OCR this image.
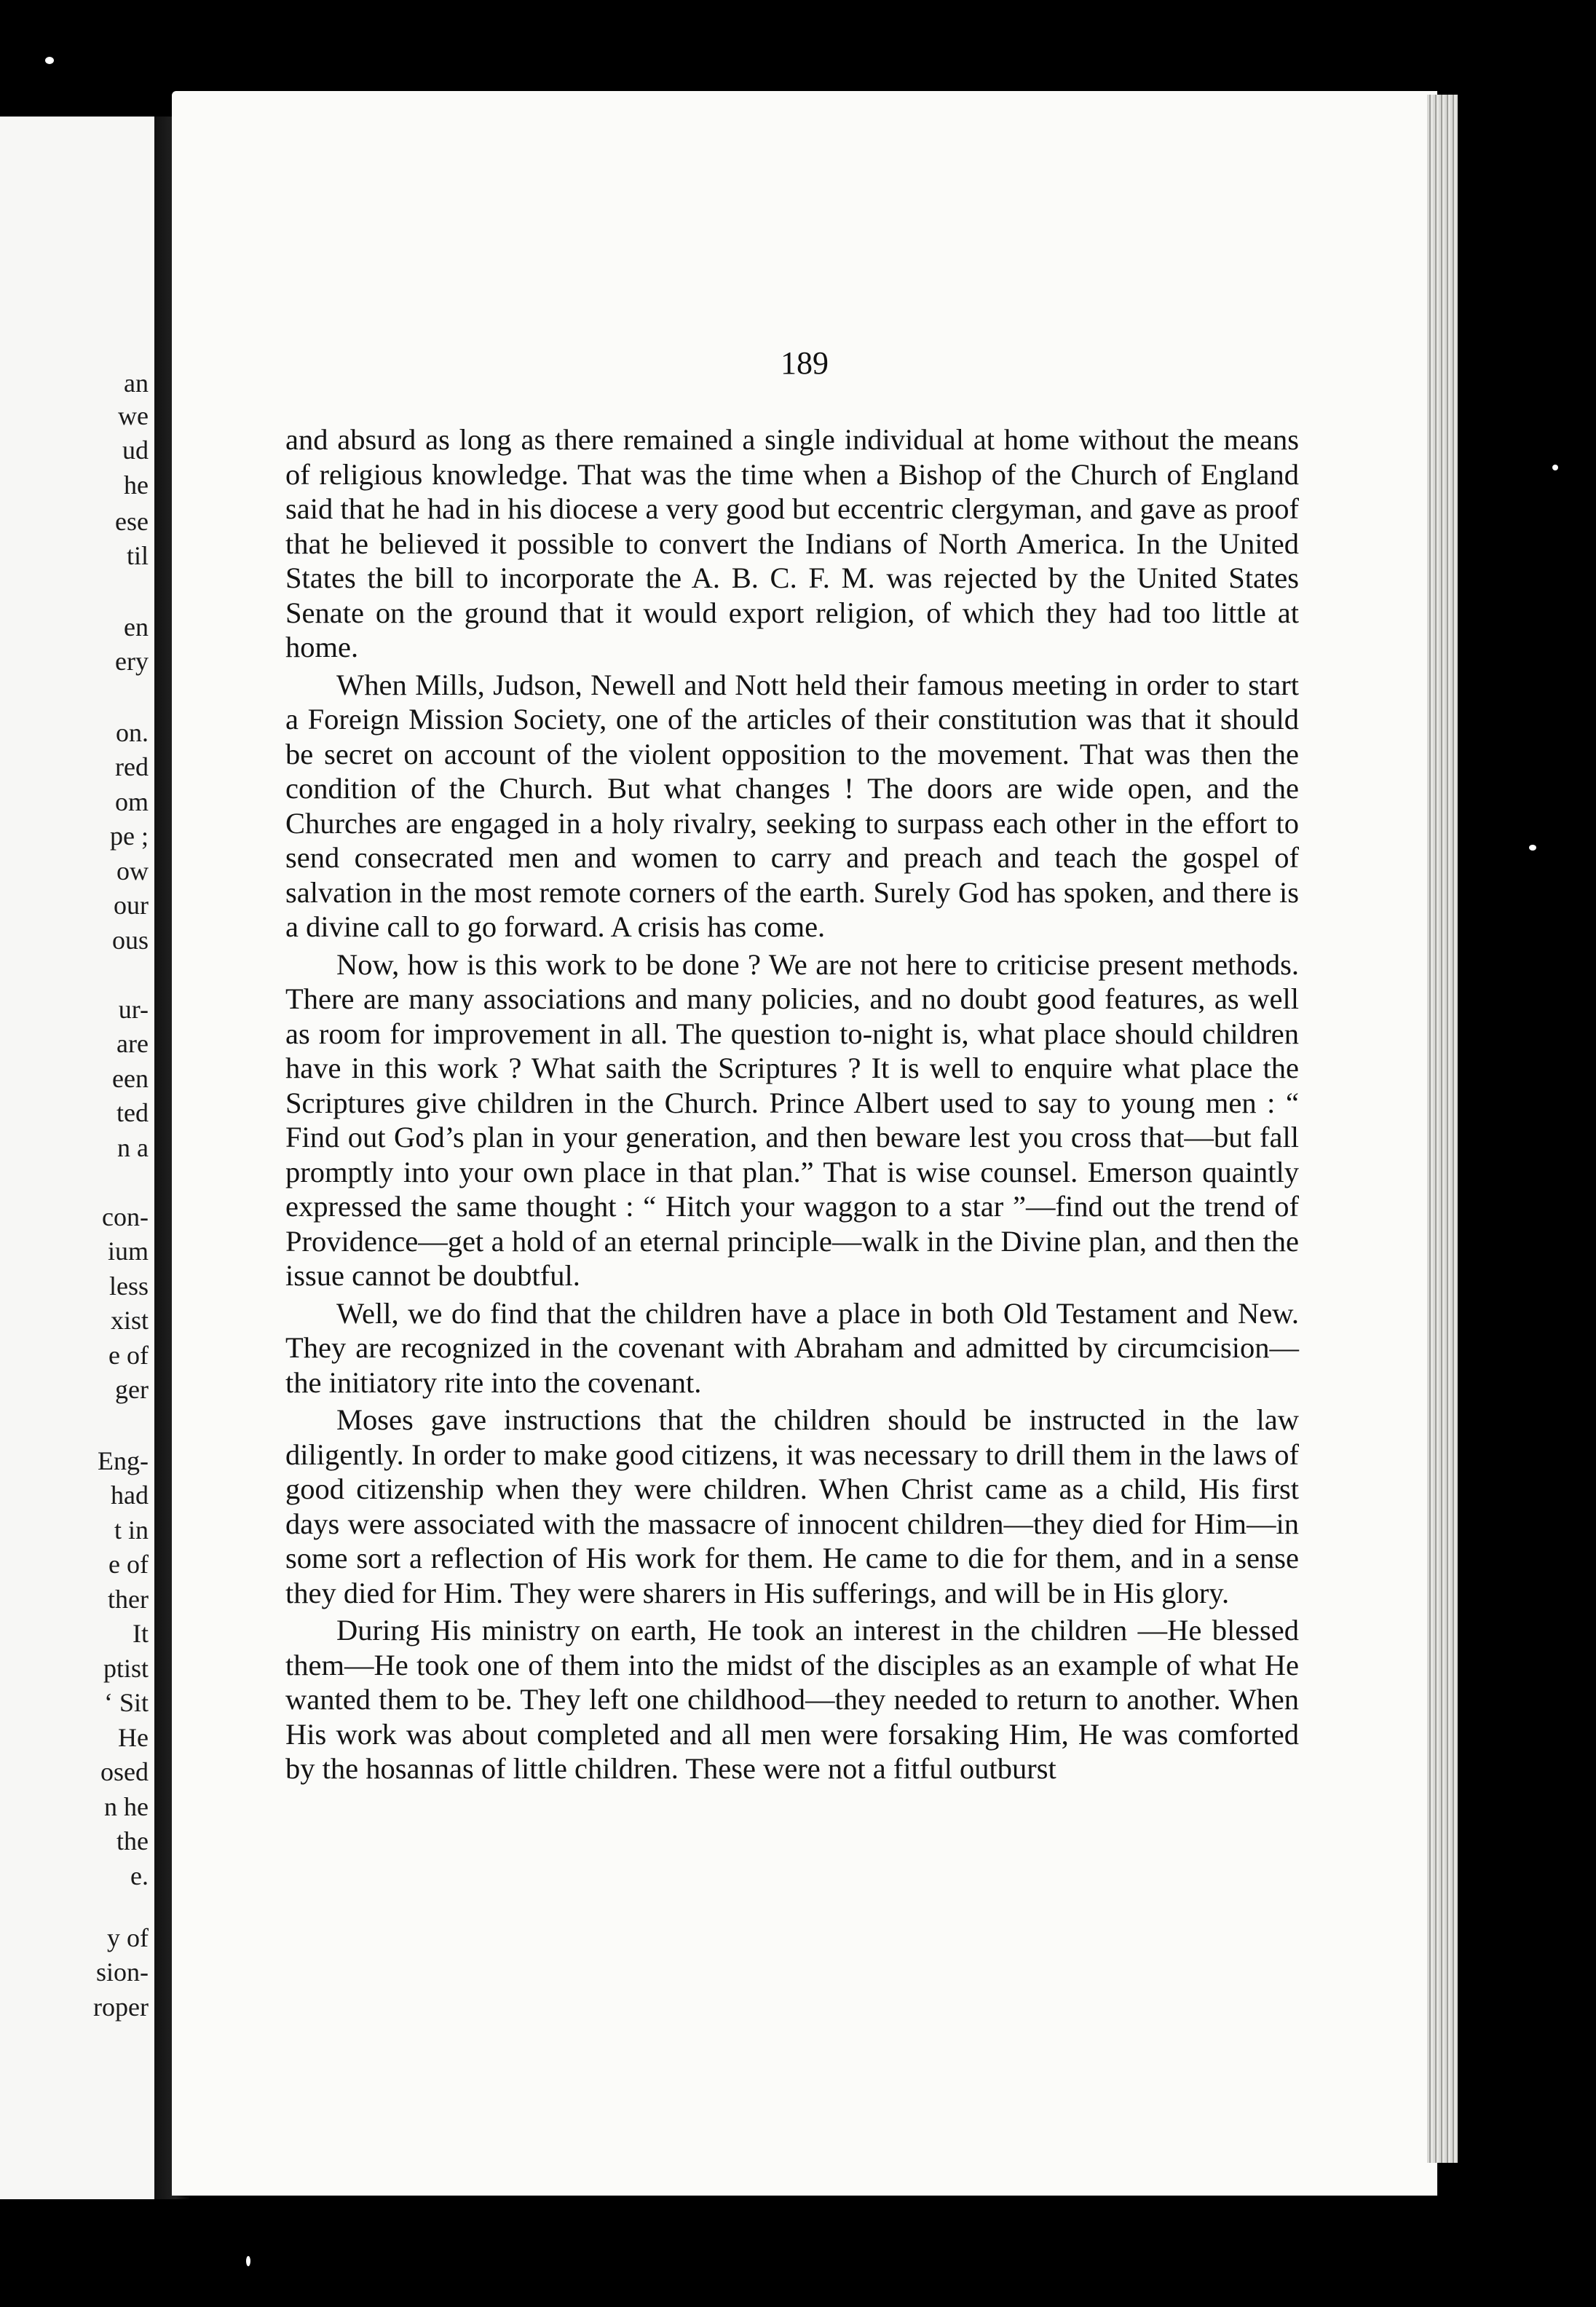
an
we
ud
he
ese
til
en
ery
on.
red
om
pe ;
ow
our
ous
ur-
are
een
ted
n a
con-
ium
less
xist
e of
ger
Eng-
had
t in
e of
ther
It
ptist
‘ Sit
He
osed
n he
the
e.
y of
sion-
roper
189

and absurd as long as there remained a single individual at home without the means of religious knowledge. That was the time when a Bishop of the Church of England said that he had in his diocese a very good but eccentric clergyman, and gave as proof that he believed it possible to convert the Indians of North America. In the United States the bill to incorporate the A. B. C. F. M. was rejected by the United States Senate on the ground that it would export religion, of which they had too little at home.

When Mills, Judson, Newell and Nott held their famous meeting in order to start a Foreign Mission Society, one of the articles of their constitution was that it should be secret on account of the violent opposition to the movement. That was then the condition of the Church. But what changes ! The doors are wide open, and the Churches are engaged in a holy rivalry, seeking to surpass each other in the effort to send consecrated men and women to carry and preach and teach the gospel of salvation in the most remote corners of the earth. Surely God has spoken, and there is a divine call to go forward. A crisis has come.

Now, how is this work to be done ? We are not here to criticise present methods. There are many associations and many policies, and no doubt good features, as well as room for improvement in all. The question to-night is, what place should children have in this work ? What saith the Scriptures ? It is well to enquire what place the Scriptures give children in the Church. Prince Albert used to say to young men : “ Find out God’s plan in your generation, and then beware lest you cross that—but fall promptly into your own place in that plan.” That is wise counsel. Emerson quaintly expressed the same thought : “ Hitch your waggon to a star ”—find out the trend of Providence—get a hold of an eternal principle—walk in the Divine plan, and then the issue cannot be doubtful.

Well, we do find that the children have a place in both Old Testament and New. They are recognized in the covenant with Abraham and admitted by circumcision—the initiatory rite into the covenant.

Moses gave instructions that the children should be instructed in the law diligently. In order to make good citizens, it was necessary to drill them in the laws of good citizenship when they were children. When Christ came as a child, His first days were associated with the massacre of innocent children—they died for Him—in some sort a reflection of His work for them. He came to die for them, and in a sense they died for Him. They were sharers in His sufferings, and will be in His glory.

During His ministry on earth, He took an interest in the children —He blessed them—He took one of them into the midst of the disciples as an example of what He wanted them to be. They left one childhood—they needed to return to another. When His work was about completed and all men were forsaking Him, He was comforted by the hosannas of little children. These were not a fitful outburst
